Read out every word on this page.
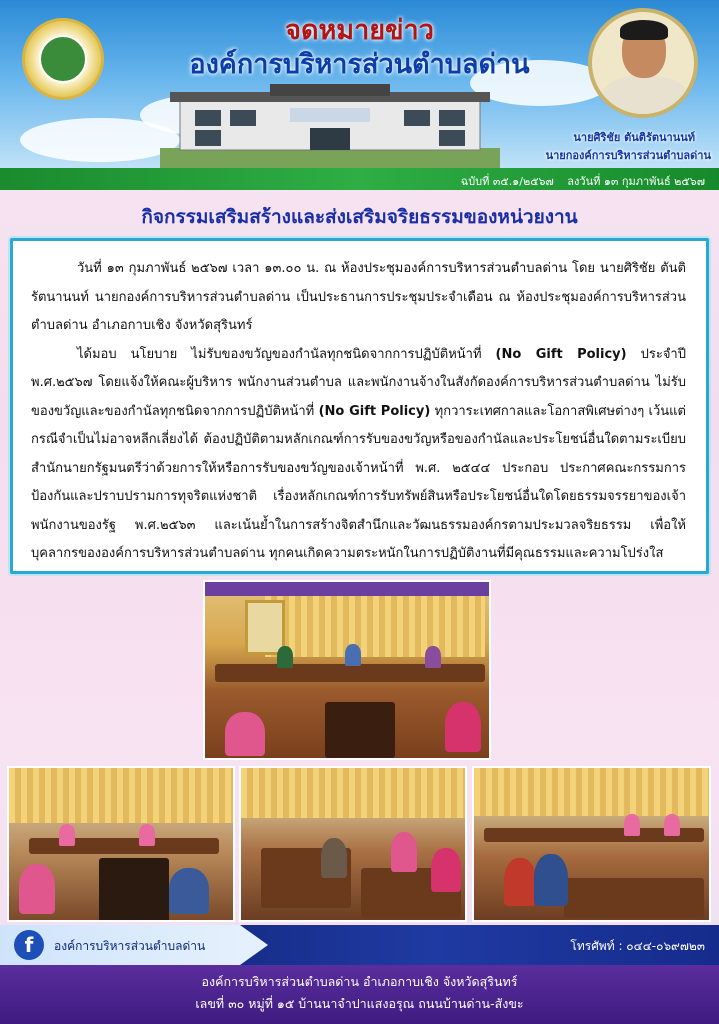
จดหมายข่าว
องค์การบริหารส่วนตำบลด่าน
นายศิริชัย ตันติรัตนานนท์
นายกองค์การบริหารส่วนตำบลด่าน
ฉบับที่ ๓๕.๑/๒๕๖๗ ลงวันที่ ๑๓ กุมภาพันธ์ ๒๕๖๗
กิจกรรมเสริมสร้างและส่งเสริมจริยธรรมของหน่วยงาน

วันที่ ๑๓ กุมภาพันธ์ ๒๕๖๗ เวลา ๑๓.๐๐ น. ณ ห้องประชุมองค์การบริหารส่วนตำบลด่าน โดย นายศิริชัย ตันติรัตนานนท์ นายกองค์การบริหารส่วนตำบลด่าน เป็นประธานการประชุมประจำเดือน ณ ห้องประชุมองค์การบริหารส่วนตำบลด่าน อำเภอกาบเชิง จังหวัดสุรินทร์

ได้มอบ นโยบาย ไม่รับของขวัญของกำนัลทุกชนิดจากการปฏิบัติหน้าที่ (No Gift Policy) ประจำปี พ.ศ.๒๕๖๗ โดยแจ้งให้คณะผู้บริหาร พนักงานส่วนตำบล และพนักงานจ้างในสังกัดองค์การบริหารส่วนตำบลด่าน ไม่รับของขวัญและของกำนัลทุกชนิดจากการปฏิบัติหน้าที่ (No Gift Policy) ทุกวาระเทศกาลและโอกาสพิเศษต่างๆ เว้นแต่กรณีจำเป็นไม่อาจหลีกเลี่ยงได้ ต้องปฏิบัติตามหลักเกณฑ์การรับของขวัญหรือของกำนัลและประโยชน์อื่นใดตามระเบียบสำนักนายกรัฐมนตรีว่าด้วยการให้หรือการรับของขวัญของเจ้าหน้าที่ พ.ศ. ๒๕๔๔ ประกอบ ประกาศคณะกรรมการป้องกันและปราบปรามการทุจริตแห่งชาติ เรื่องหลักเกณฑ์การรับทรัพย์สินหรือประโยชน์อื่นใดโดยธรรมจรรยาของเจ้าพนักงานของรัฐ พ.ศ.๒๕๖๓ และเน้นย้ำในการสร้างจิตสำนึกและวัฒนธรรมองค์กรตามประมวลจริยธรรม เพื่อให้บุคลากรขององค์การบริหารส่วนตำบลด่าน ทุกคนเกิดความตระหนักในการปฏิบัติงานที่มีคุณธรรมและความโปร่งใส

f	องค์การบริหารส่วนตำบลด่าน	โทรศัพท์ : ๐๔๔-๐๖๙๗๒๓
องค์การบริหารส่วนตำบลด่าน อำเภอกาบเชิง จังหวัดสุรินทร์
เลขที่ ๓๐ หมู่ที่ ๑๕ บ้านนาจำปาแสงอรุณ ถนนบ้านด่าน-สังขะ
